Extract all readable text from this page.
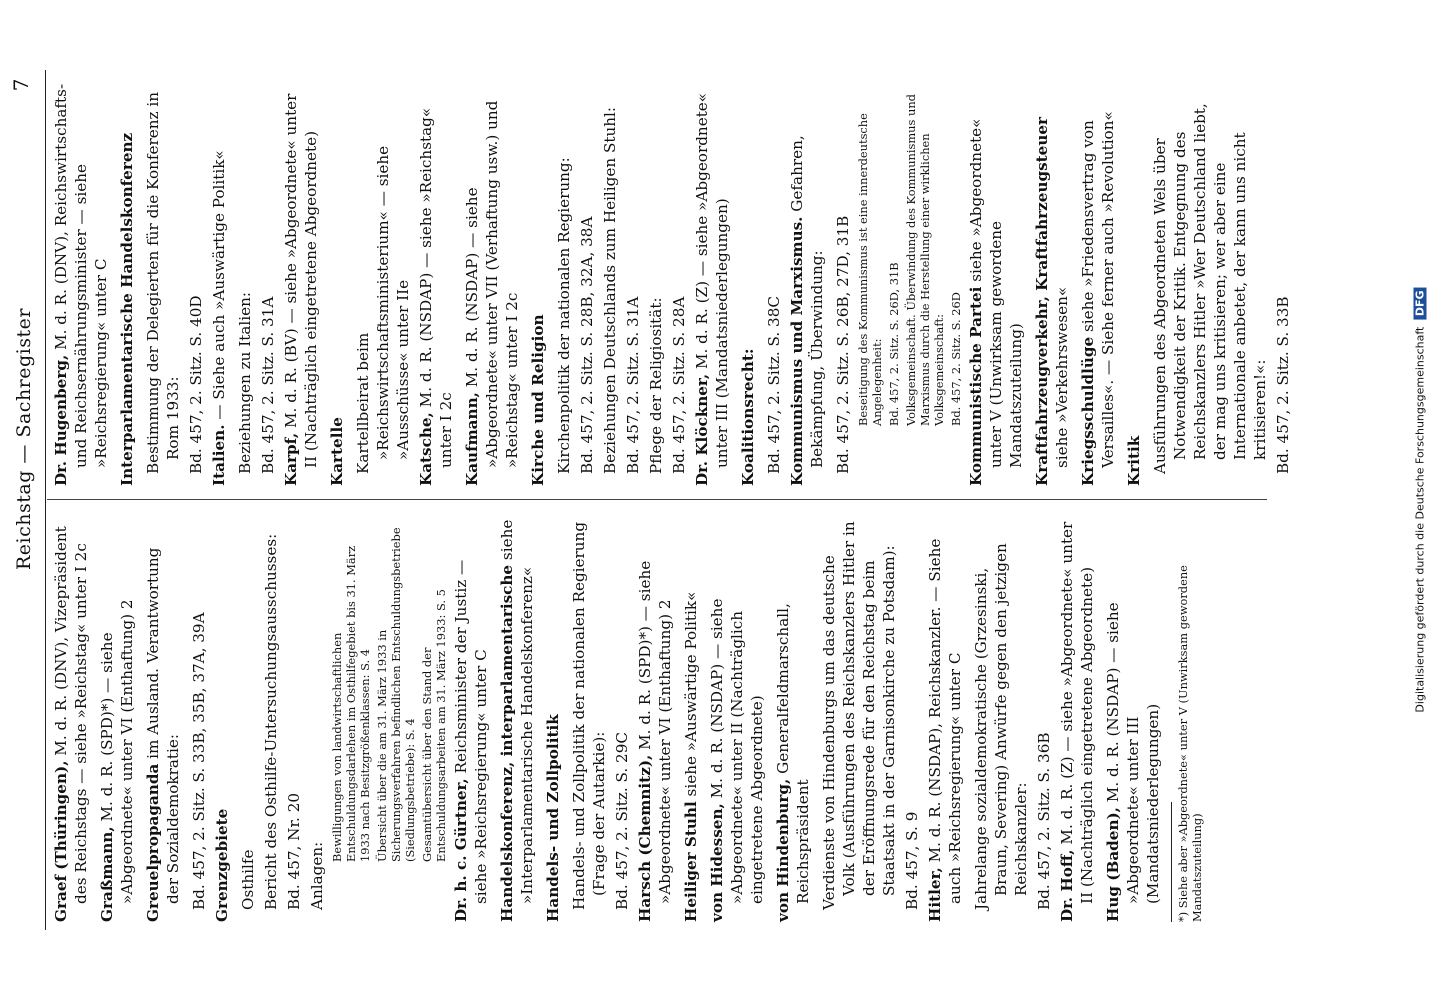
Reichstag — Sachregister
7
Graef (Thüringen), M. d. R. (DNV), Vizepräsident des Reichstags — siehe »Reichstag« unter I 2c Graßmann, M. d. R. (SPD)*) — siehe »Abgeordnete« unter VI (Enthaftung) 2 Greuelpropaganda im Ausland. Verantwortung der Sozialdemokratie: Bd. 457, 2. Sitz. S. 33B, 35B, 37A, 39A Grenzgebiete Osthilfe Bericht des Osthilfe-Untersuchungsausschusses: Bd. 457, Nr. 20 Anlagen:
Bewilligungen von landwirtschaftlichen Entschuldungsdarlehen im Osthilfegebiet bis 31. März 1933 nach Besitzgrößenklassen: S. 4 Übersicht über die am 31. März 1933 in Sicherungsverfahren befindlichen Entschuldungsbetriebe (Siedlungsbetriebe): S. 4 Gesamtübersicht über den Stand der Entschuldungsarbeiten am 31. März 1933: S. 5 Dr. h. c. Gürtner, Reichsminister der Justiz — siehe »Reichsregierung« unter C Handelskonferenz, interparlamentarische siehe »Interparlamentarische Handelskonferenz« Handels- und Zollpolitik Handels- und Zollpolitik der nationalen Regierung (Frage der Autarkie): Bd. 457, 2. Sitz. S. 29C Harsch (Chemnitz), M. d. R. (SPD)*) — siehe »Abgeordnete« unter VI (Enthaftung) 2 Heiliger Stuhl siehe »Auswärtige Politik«
von Hidessen, M. d. R. (NSDAP) — siehe »Abgeordnete« unter II (Nachträglich eingetretene Abgeordnete) von Hindenburg, Generalfeldmarschall, Reichspräsident Verdienste von Hindenburgs um das deutsche Volk (Ausführungen des Reichskanzlers Hitler in der Eröffnungsrede für den Reichstag beim Staatsakt in der Garnisonkirche zu Potsdam): Bd. 457, S. 9 Hitler, M. d. R. (NSDAP), Reichskanzler. — Siehe auch »Reichsregierung« unter C Jahrelange sozialdemokratische (Grzesinski, Braun, Severing) Anwürfe gegen den jetzigen Reichskanzler: Bd. 457, 2. Sitz. S. 36B Dr. Hoff, M. d. R. (Z) — siehe »Abgeordnete« unter II (Nachträglich eingetretene Abgeordnete) Hug (Baden), M. d. R. (NSDAP) — siehe »Abgeordnete« unter III (Mandatsniederlegungen) *) Siehe aber »Abgeordnete« unter V (Unwirksam gewordene Mandatszuteilung)
Dr. Hugenberg, M. d. R. (DNV), Reichswirtschafts- und Reichsernährungsminister — siehe »Reichsregierung« unter C Interparlamentarische Handelskonferenz Bestimmung der Delegierten für die Konferenz in Rom 1933: Bd. 457, 2. Sitz. S. 40D Italien. — Siehe auch »Auswärtige Politik« Beziehungen zu Italien: Bd. 457, 2. Sitz. S. 31A Karpf, M. d. R. (BV) — siehe »Abgeordnete« unter II (Nachträglich eingetretene Abgeordnete) Kartelle Kartellbeirat beim »Reichswirtschaftsministerium« — siehe »Ausschüsse« unter IIe Katsche, M. d. R. (NSDAP) — siehe »Reichstag« unter I 2c Kaufmann, M. d. R. (NSDAP) — siehe »Abgeordnete« unter VII (Verhaftung usw.) und »Reichstag« unter I 2c Kirche und Religion Kirchenpolitik der nationalen Regierung: Bd. 457, 2. Sitz. S. 28B, 32A, 38A Beziehungen Deutschlands zum Heiligen Stuhl: Bd. 457, 2. Sitz. S. 31A Pflege der Religiosität: Bd. 457, 2. Sitz. S. 28A Dr. Klöckner, M. d. R. (Z) — siehe »Abgeordnete« unter III (Mandatsniederlegungen) Koalitionsrecht: Bd. 457, 2. Sitz. S. 38C Kommunismus und Marxismus. Gefahren, Bekämpfung, Überwindung: Bd. 457, 2. Sitz. S. 26B, 27D, 31B Beseitigung des Kommunismus ist eine innerdeutsche Angelegenheit: Bd. 457, 2. Sitz. S. 26D, 31B Volksgemeinschaft. Überwindung des Kommunismus und Marxismus durch die Herstellung einer wirklichen Volksgemeinschaft: Bd. 457, 2. Sitz. S. 26D Kommunistische Partei siehe »Abgeordnete« unter V (Unwirksam gewordene Mandatszuteilung) Kraftfahrzeugverkehr, Kraftfahrzeugsteuer siehe »Verkehrswesen« Kriegsschuldlüge siehe »Friedensvertrag von Versailles«. — Siehe ferner auch »Revolution« Kritik Ausführungen des Abgeordneten Wels über Notwendigkeit der Kritik. Entgegnung des Reichskanzlers Hitler »Wer Deutschland liebt, der mag uns kritisieren; wer aber eine Internationale anbetet, der kann uns nicht kritisieren!«: Bd. 457, 2. Sitz. S. 33B	Digitalisierung gefördert durch die Deutsche Forschungsgemeinschaft DFG
